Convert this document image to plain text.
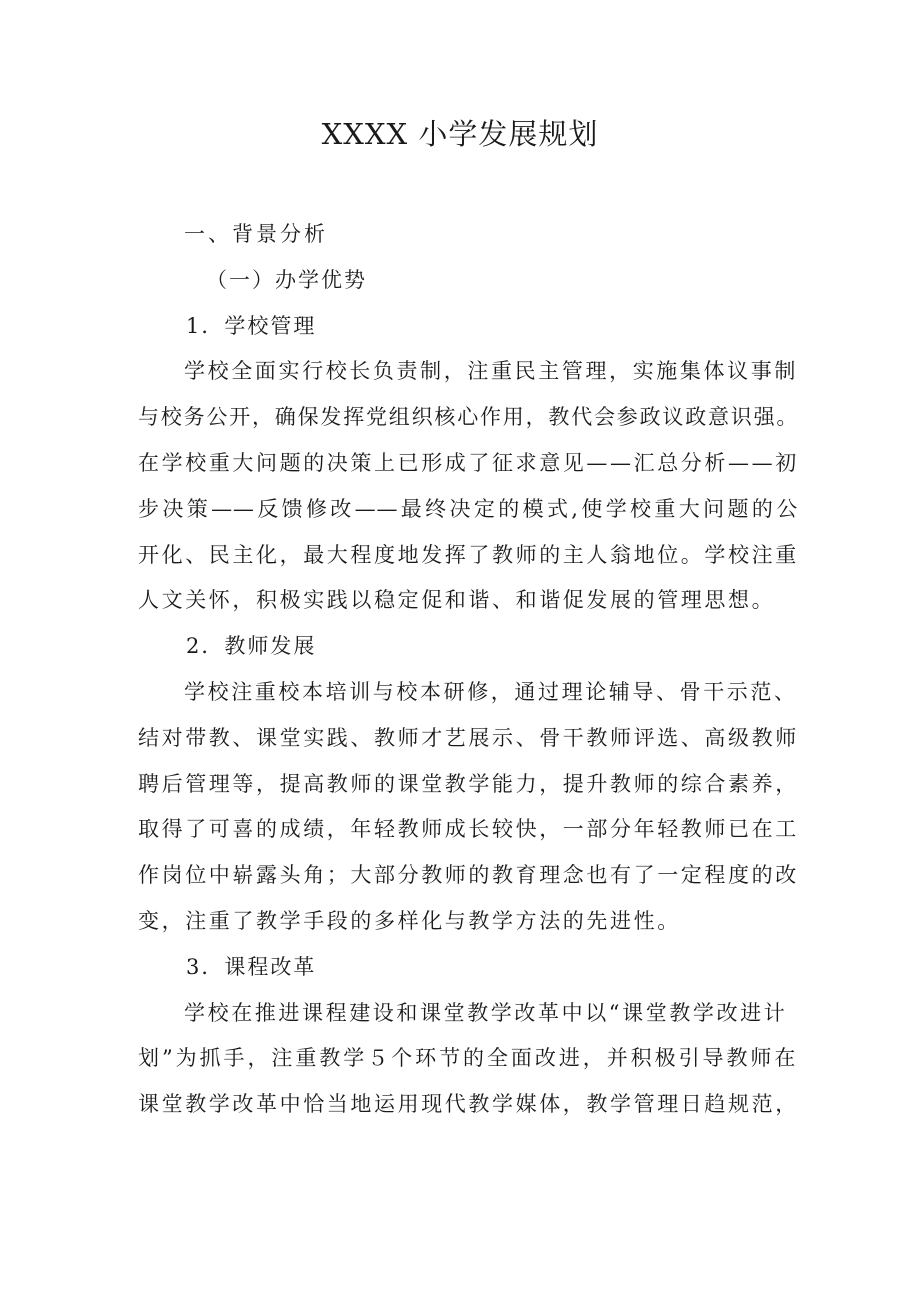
XXXX 小学发展规划
一、背景分析
（一）办学优势
1．学校管理
学校全面实行校长负责制，注重民主管理，实施集体议事制
与校务公开，确保发挥党组织核心作用，教代会参政议政意识强。
在学校重大问题的决策上已形成了征求意见——汇总分析——初
步决策——反馈修改——最终决定的模式,使学校重大问题的公
开化、民主化，最大程度地发挥了教师的主人翁地位。学校注重
人文关怀，积极实践以稳定促和谐、和谐促发展的管理思想。
2．教师发展
学校注重校本培训与校本研修，通过理论辅导、骨干示范、
结对带教、课堂实践、教师才艺展示、骨干教师评选、高级教师
聘后管理等，提高教师的课堂教学能力，提升教师的综合素养，
取得了可喜的成绩，年轻教师成长较快，一部分年轻教师已在工
作岗位中崭露头角；大部分教师的教育理念也有了一定程度的改
变，注重了教学手段的多样化与教学方法的先进性。
3．课程改革
学校在推进课程建设和课堂教学改革中以“课堂教学改进计
划”为抓手，注重教学５个环节的全面改进，并积极引导教师在
课堂教学改革中恰当地运用现代教学媒体，教学管理日趋规范，
